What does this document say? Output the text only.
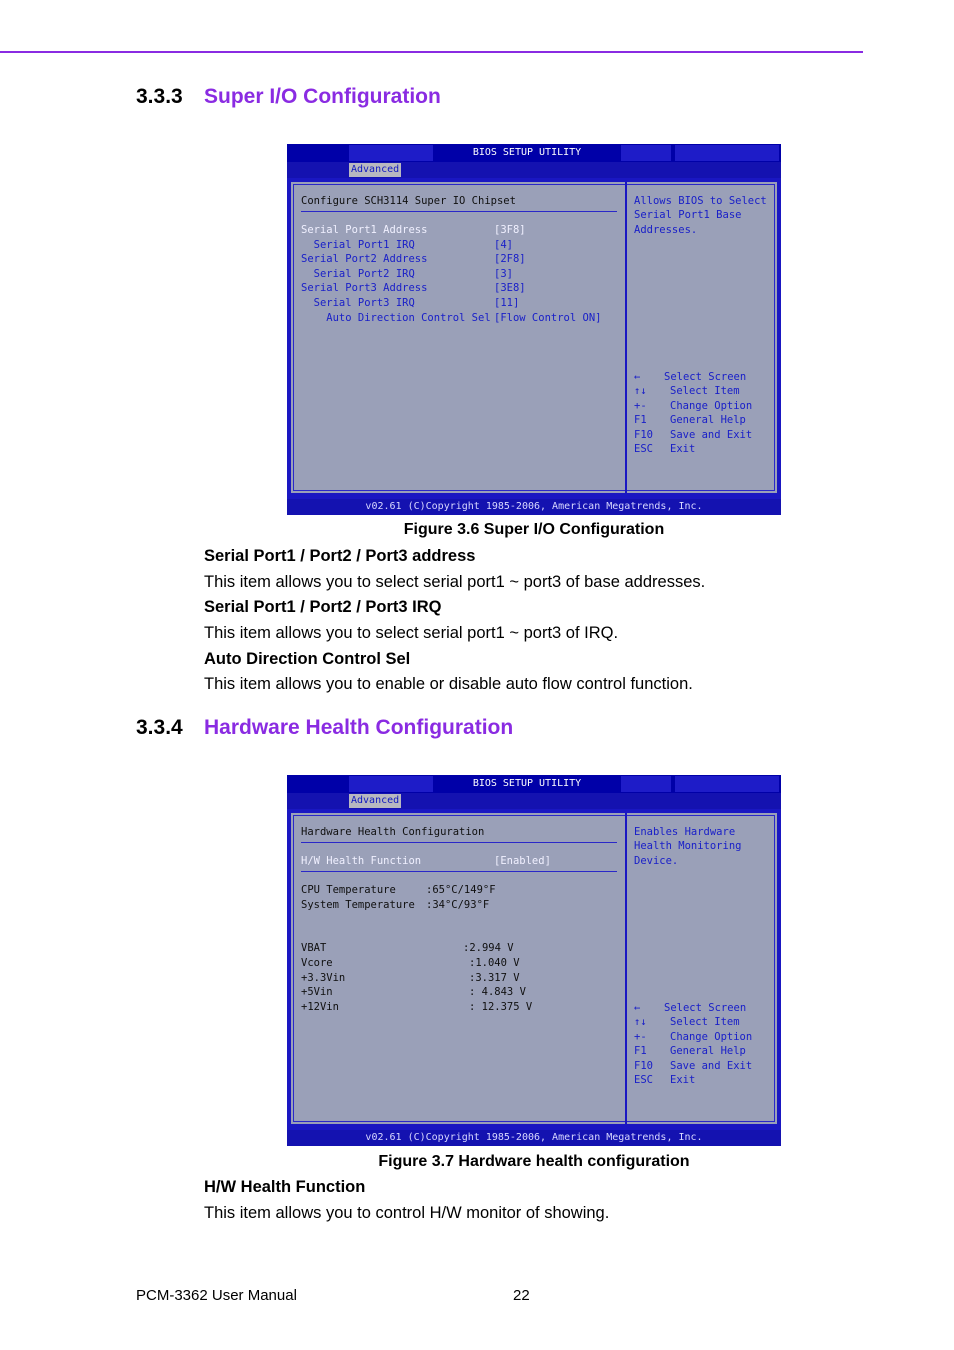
3.3.3 Super I/O Configuration
BIOS SETUP UTILITY
Advanced
Configure SCH3114 Super IO Chipset
Serial Port1 Address	[3F8]
Serial Port1 IRQ	[4]
Serial Port2 Address	[2F8]
Serial Port2 IRQ	[3]
Serial Port3 Address	[3E8]
Serial Port3 IRQ	[11]
Auto Direction Control Sel [Flow Control ON]
Allows BIOS to Select
Serial Port1 Base
Addresses.
← Select Screen
↑↓ Select Item
+- Change Option
F1 General Help
F10 Save and Exit
ESC Exit
v02.61 (C)Copyright 1985-2006, American Megatrends, Inc.
Figure 3.6 Super I/O Configuration
Serial Port1 / Port2 / Port3 address
This item allows you to select serial port1 ~ port3 of base addresses.
Serial Port1 / Port2 / Port3 IRQ
This item allows you to select serial port1 ~ port3 of IRQ.
Auto Direction Control Sel
This item allows you to enable or disable auto flow control function.
3.3.4 Hardware Health Configuration
BIOS SETUP UTILITY
Advanced
Hardware Health Configuration
H/W Health Function	[Enabled]
CPU Temperature	:65°C/149°F
System Temperature :34°C/93°F
VBAT	:2.994 V
Vcore	:1.040 V
+3.3Vin	:3.317 V
+5Vin	: 4.843 V
+12Vin	: 12.375 V
Enables Hardware
Health Monitoring
Device.
← Select Screen
↑↓ Select Item
+- Change Option
F1 General Help
F10 Save and Exit
ESC Exit
v02.61 (C)Copyright 1985-2006, American Megatrends, Inc.
Figure 3.7 Hardware health configuration
H/W Health Function
This item allows you to control H/W monitor of showing.
PCM-3362 User Manual	22
